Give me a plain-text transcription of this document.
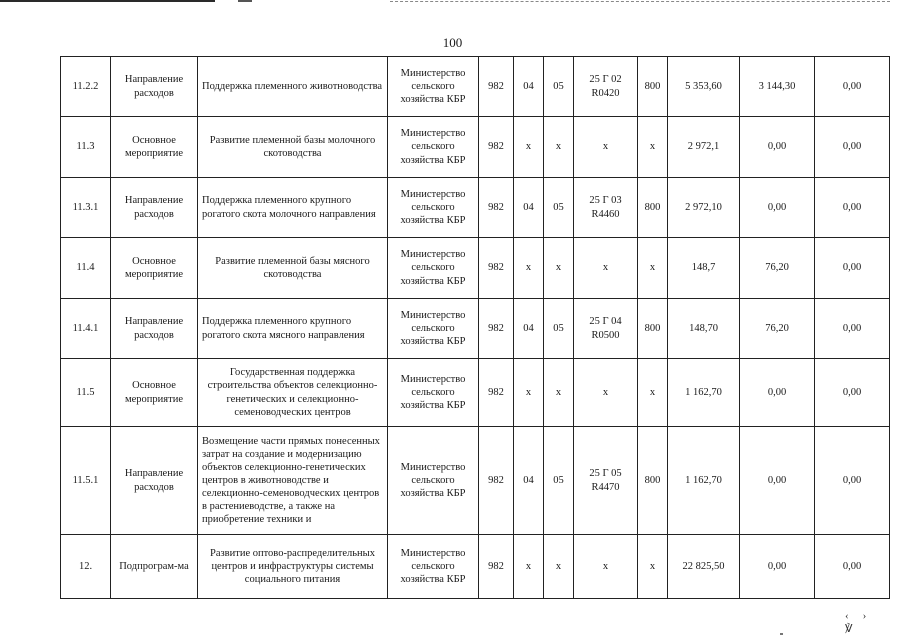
100
11.2.2	Направление расходов	Поддержка племенного животноводства	Министерство сельского хозяйства КБР	982	04	05	25 Г 02 R0420	800	5 353,60	3 144,30	0,00

11.3	Основное мероприятие	Развитие племенной базы молочного скотоводства	Министерство сельского хозяйства КБР	982	х	х	х	х	2 972,1	0,00	0,00

11.3.1	Направление расходов	Поддержка племенного крупного рогатого скота молочного направления	Министерство сельского хозяйства КБР	982	04	05	25 Г 03 R4460	800	2 972,10	0,00	0,00

11.4	Основное мероприятие	Развитие племенной базы мясного скотоводства	Министерство сельского хозяйства КБР	982	х	х	х	х	148,7	76,20	0,00

11.4.1	Направление расходов	Поддержка племенного крупного рогатого скота мясного направления	Министерство сельского хозяйства КБР	982	04	05	25 Г 04 R0500	800	148,70	76,20	0,00

11.5	Основное мероприятие	Государственная поддержка строительства объектов селекционно-генетических и селекционно-семеноводческих центров	Министерство сельского хозяйства КБР	982	х	х	х	х	1 162,70	0,00	0,00

11.5.1	Направление расходов	Возмещение части прямых понесенных затрат на создание и модернизацию объектов селекционно-генетических центров в животноводстве и селекционно-семеноводческих центров в растениеводстве, а также на приобретение техники и	Министерство сельского хозяйства КБР	982	04	05	25 Г 05 R4470	800	1 162,70	0,00	0,00

12.	Подпрограм-ма	Развитие оптово-распределительных центров и инфраструктуры системы социального питания	Министерство сельского хозяйства КБР	982	х	х	х	х	22 825,50	0,00	0,00
‹› ℣
